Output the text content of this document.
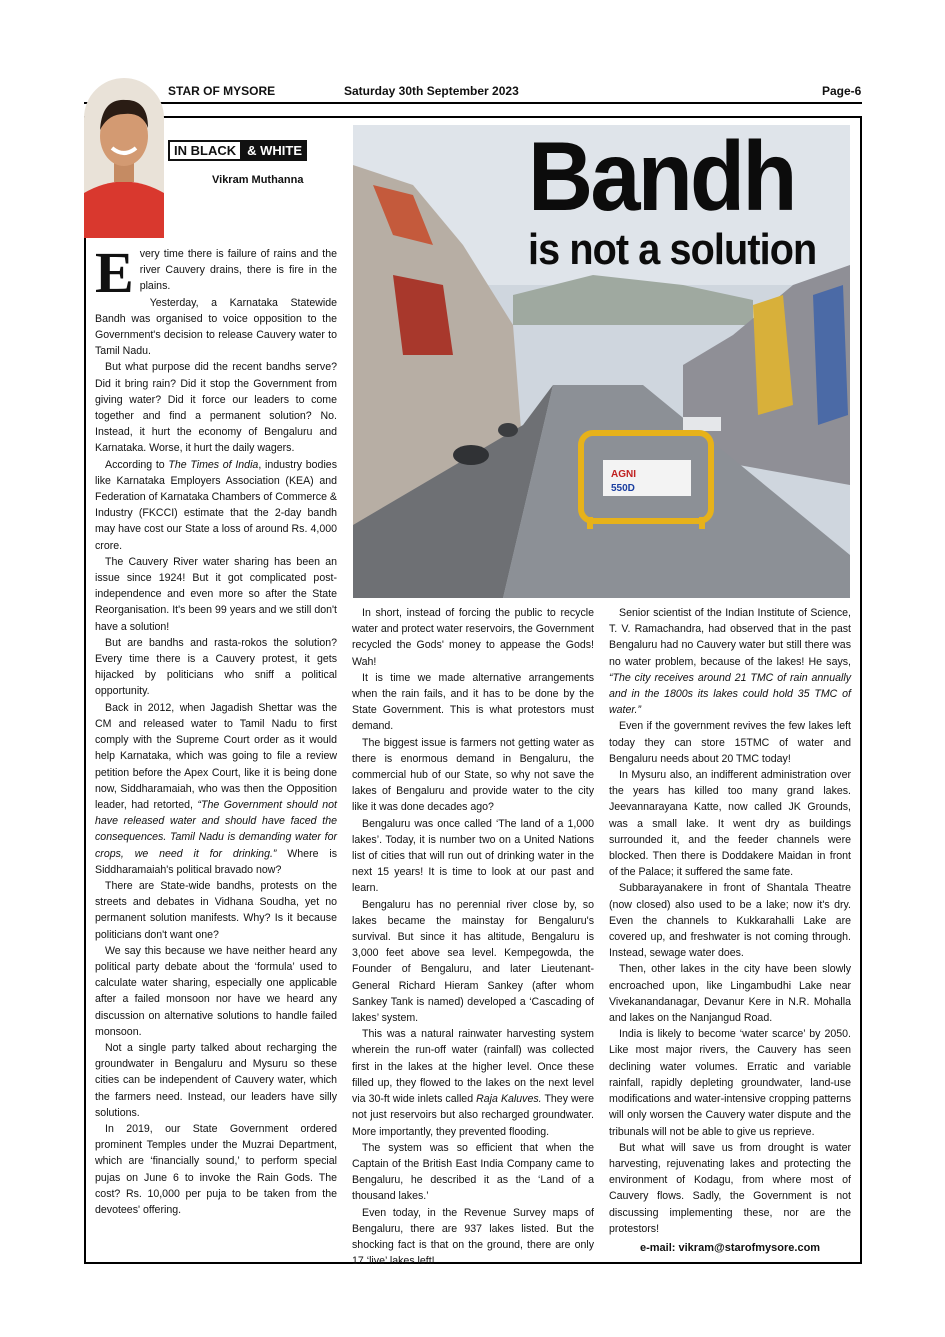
STAR OF MYSORE	Saturday 30th September 2023	Page-6
IN BLACK & WHITE
Vikram Muthanna
AGNI
550D
Bandh
is not a solution

Every time there is failure of rains and the river Cauvery drains, there is fire in the plains.

Yesterday, a Karnataka Statewide Bandh was organised to voice opposition to the Government's decision to release Cauvery water to Tamil Nadu.

But what purpose did the recent bandhs serve? Did it bring rain? Did it stop the Government from giving water? Did it force our leaders to come together and find a permanent solution? No. Instead, it hurt the economy of Bengaluru and Karnataka. Worse, it hurt the daily wagers.

According to The Times of India, industry bodies like Karnataka Employers Association (KEA) and Federation of Karnataka Chambers of Commerce & Industry (FKCCI) estimate that the 2-day bandh may have cost our State a loss of around Rs. 4,000 crore.

The Cauvery River water sharing has been an issue since 1924! But it got complicated post-independence and even more so after the State Reorganisation. It's been 99 years and we still don't have a solution!

But are bandhs and rasta-rokos the solution? Every time there is a Cauvery protest, it gets hijacked by politicians who sniff a political opportunity.

Back in 2012, when Jagadish Shettar was the CM and released water to Tamil Nadu to first comply with the Supreme Court order as it would help Karnataka, which was going to file a review petition before the Apex Court, like it is being done now, Siddharamaiah, who was then the Opposition leader, had retorted, “The Government should not have released water and should have faced the consequences. Tamil Nadu is demanding water for crops, we need it for drinking.” Where is Siddharamaiah's political bravado now?

There are State-wide bandhs, protests on the streets and debates in Vidhana Soudha, yet no permanent solution manifests. Why? Is it because politicians don't want one?

We say this because we have neither heard any political party debate about the ‘formula’ used to calculate water sharing, especially one applicable after a failed monsoon nor have we heard any discussion on alternative solutions to handle failed monsoon.

Not a single party talked about recharging the groundwater in Bengaluru and Mysuru so these cities can be independent of Cauvery water, which the farmers need. Instead, our leaders have silly solutions.

In 2019, our State Government ordered prominent Temples under the Muzrai Department, which are ‘financially sound,’ to perform special pujas on June 6 to invoke the Rain Gods. The cost? Rs. 10,000 per puja to be taken from the devotees' offering.

In short, instead of forcing the public to recycle water and protect water reservoirs, the Government recycled the Gods' money to appease the Gods! Wah!

It is time we made alternative arrangements when the rain fails, and it has to be done by the State Government. This is what protestors must demand.

The biggest issue is farmers not getting water as there is enormous demand in Bengaluru, the commercial hub of our State, so why not save the lakes of Bengaluru and provide water to the city like it was done decades ago?

Bengaluru was once called ‘The land of a 1,000 lakes’. Today, it is number two on a United Nations list of cities that will run out of drinking water in the next 15 years! It is time to look at our past and learn.

Bengaluru has no perennial river close by, so lakes became the mainstay for Bengaluru's survival. But since it has altitude, Bengaluru is 3,000 feet above sea level. Kempegowda, the Founder of Bengaluru, and later Lieutenant-General Richard Hieram Sankey (after whom Sankey Tank is named) developed a ‘Cascading of lakes’ system.

This was a natural rainwater harvesting system wherein the run-off water (rainfall) was collected first in the lakes at the higher level. Once these filled up, they flowed to the lakes on the next level via 30-ft wide inlets called Raja Kaluves. They were not just reservoirs but also recharged groundwater. More importantly, they prevented flooding.

The system was so efficient that when the Captain of the British East India Company came to Bengaluru, he described it as the ‘Land of a thousand lakes.’

Even today, in the Revenue Survey maps of Bengaluru, there are 937 lakes listed. But the shocking fact is that on the ground, there are only 17 ‘live’ lakes left!

Senior scientist of the Indian Institute of Science, T. V. Ramachandra, had observed that in the past Bengaluru had no Cauvery water but still there was no water problem, because of the lakes! He says, “The city receives around 21 TMC of rain annually and in the 1800s its lakes could hold 35 TMC of water.”

Even if the government revives the few lakes left today they can store 15TMC of water and Bengaluru needs about 20 TMC today!

In Mysuru also, an indifferent administration over the years has killed too many grand lakes. Jeevannarayana Katte, now called JK Grounds, was a small lake. It went dry as buildings surrounded it, and the feeder channels were blocked. Then there is Doddakere Maidan in front of the Palace; it suffered the same fate.

Subbarayanakere in front of Shantala Theatre (now closed) also used to be a lake; now it's dry. Even the channels to Kukkarahalli Lake are covered up, and freshwater is not coming through. Instead, sewage water does.

Then, other lakes in the city have been slowly encroached upon, like Lingambudhi Lake near Vivekanandanagar, Devanur Kere in N.R. Mohalla and lakes on the Nanjangud Road.

India is likely to become ‘water scarce’ by 2050. Like most major rivers, the Cauvery has seen declining water volumes. Erratic and variable rainfall, rapidly depleting groundwater, land-use modifications and water-intensive cropping patterns will only worsen the Cauvery water dispute and the tribunals will not be able to give us reprieve.

But what will save us from drought is water harvesting, rejuvenating lakes and protecting the environment of Kodagu, from where most of Cauvery flows. Sadly, the Government is not discussing implementing these, nor are the protestors!

e-mail: vikram@starofmysore.com
